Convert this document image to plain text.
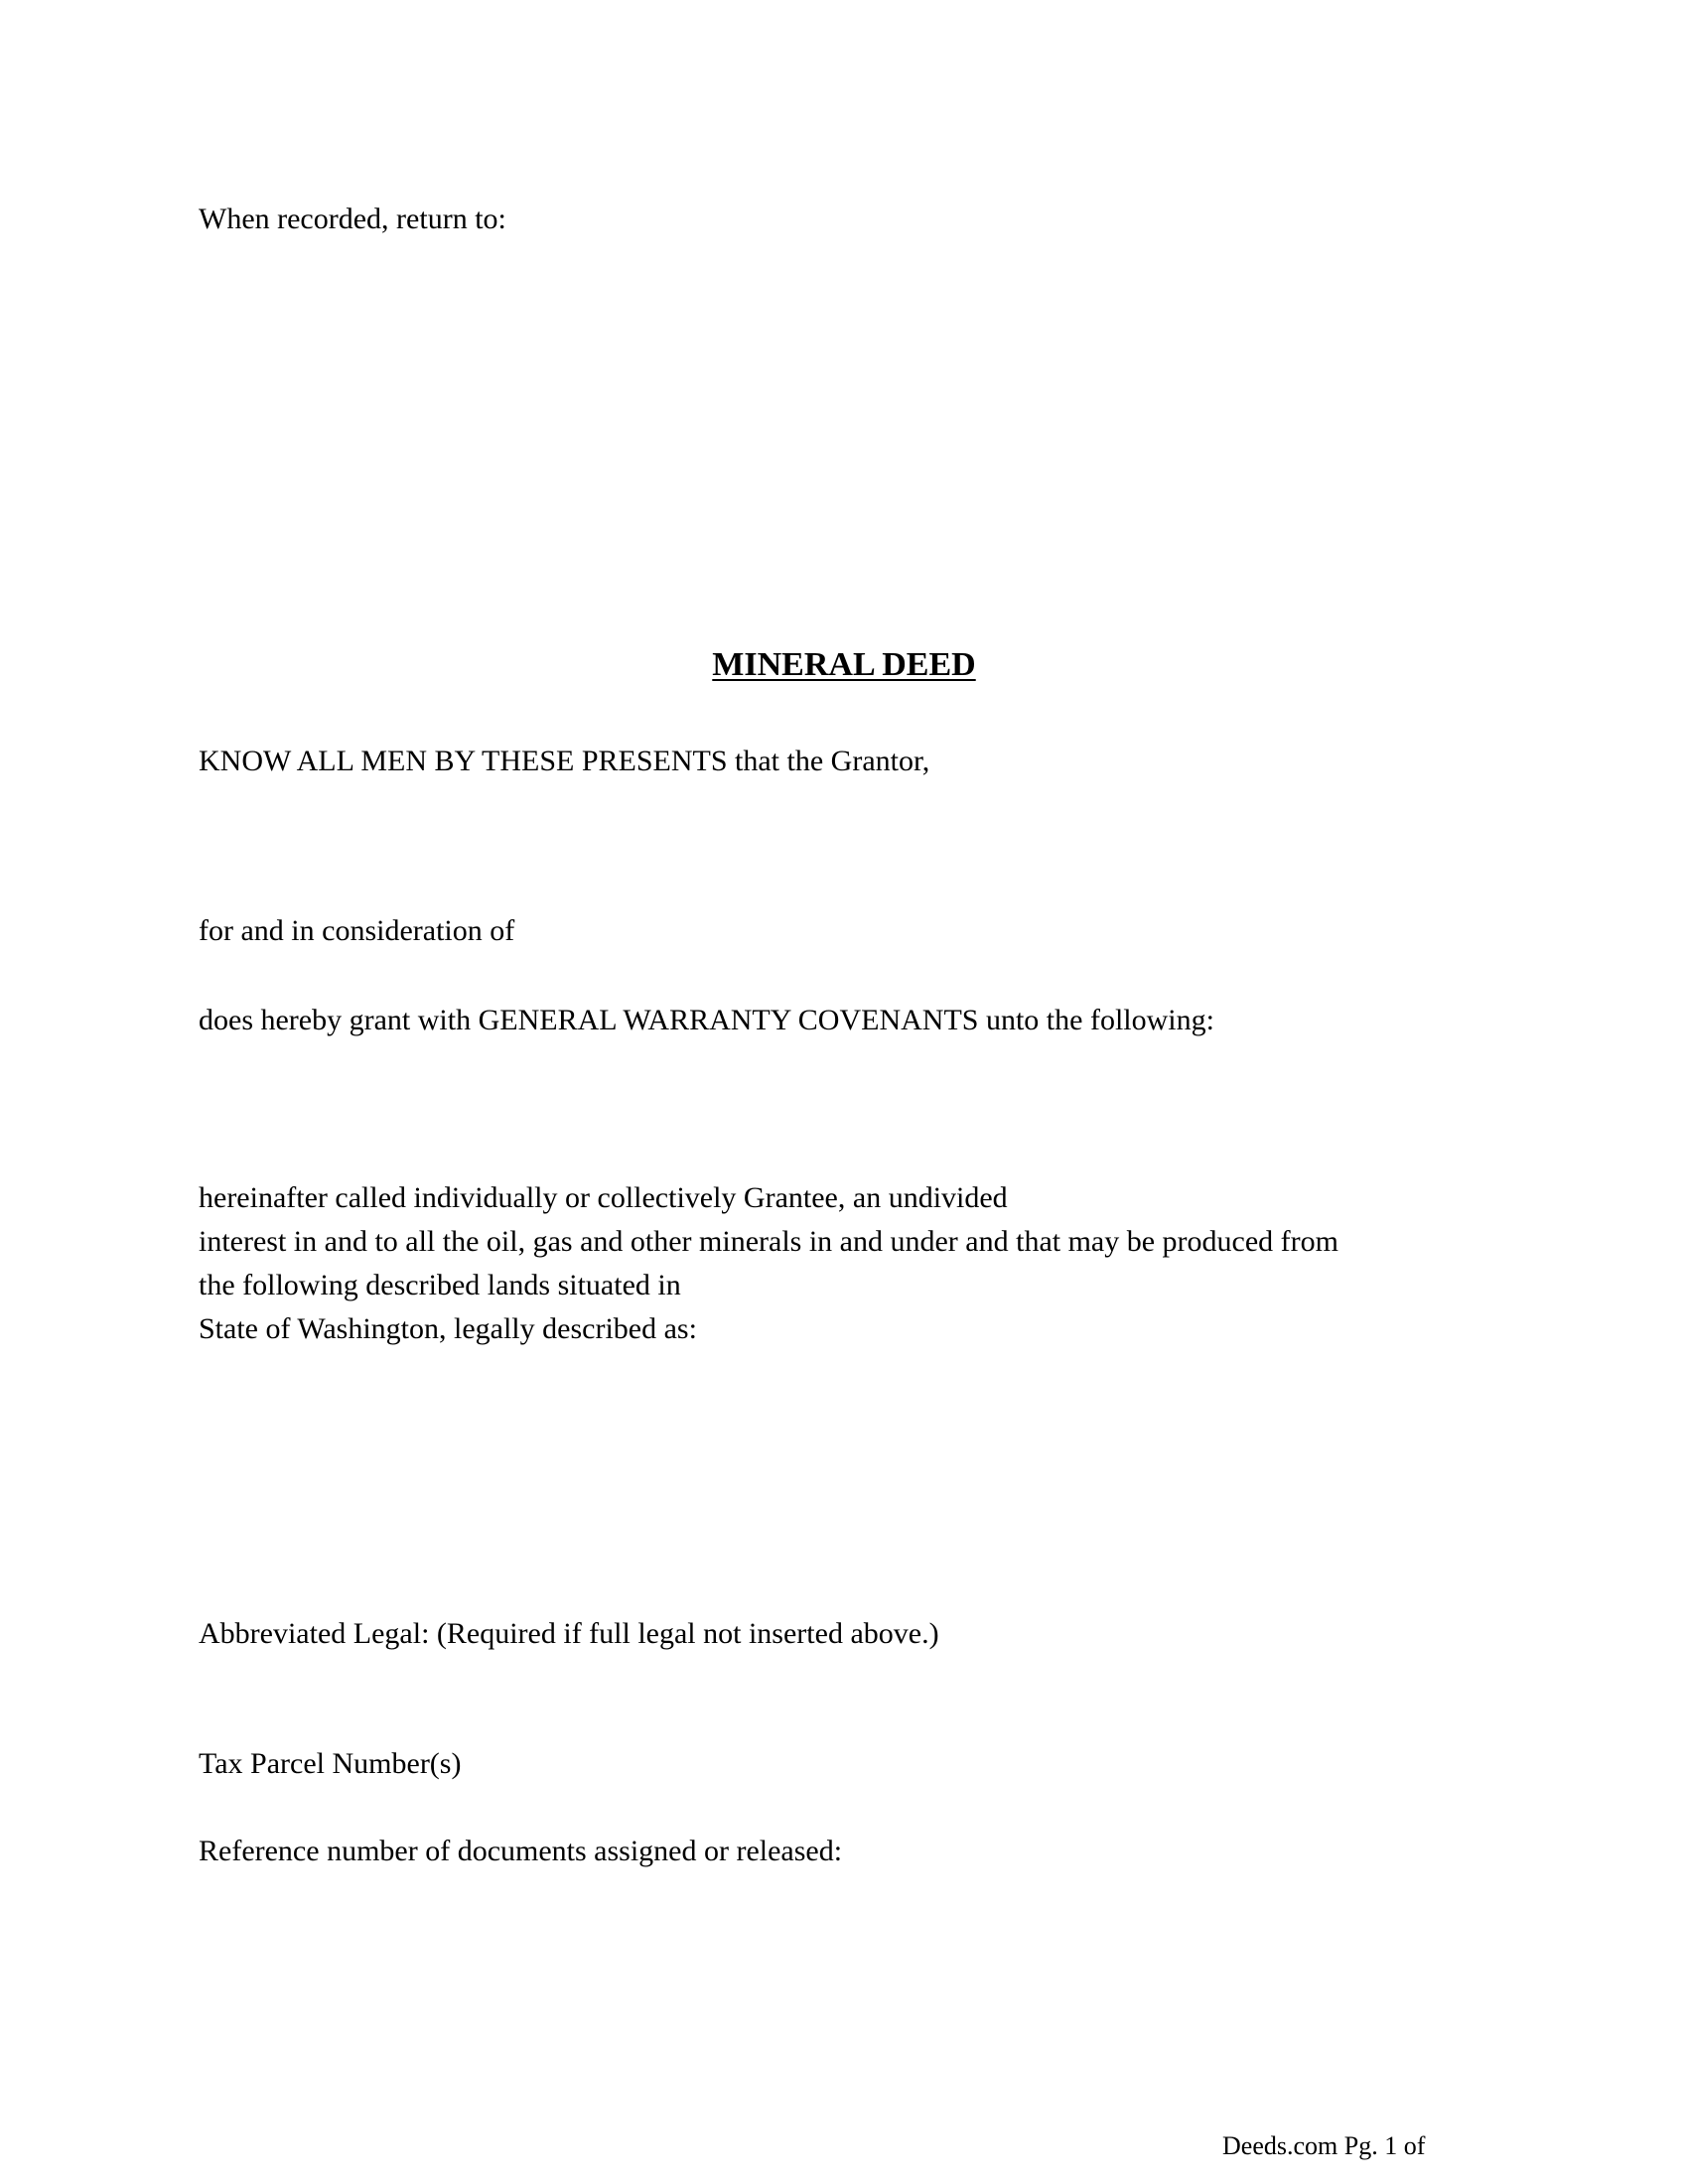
When recorded, return to:
MINERAL DEED
KNOW ALL MEN BY THESE PRESENTS that the Grantor,
for and in consideration of
does hereby grant with GENERAL WARRANTY COVENANTS unto the following:
hereinafter called individually or collectively Grantee, an undivided
interest in and to all the oil, gas and other minerals in and under and that may be produced from
the following described lands situated in
State of Washington, legally described as:
Abbreviated Legal: (Required if full legal not inserted above.)
Tax Parcel Number(s)
Reference number of documents assigned or released:
Deeds.com Pg. 1 of
